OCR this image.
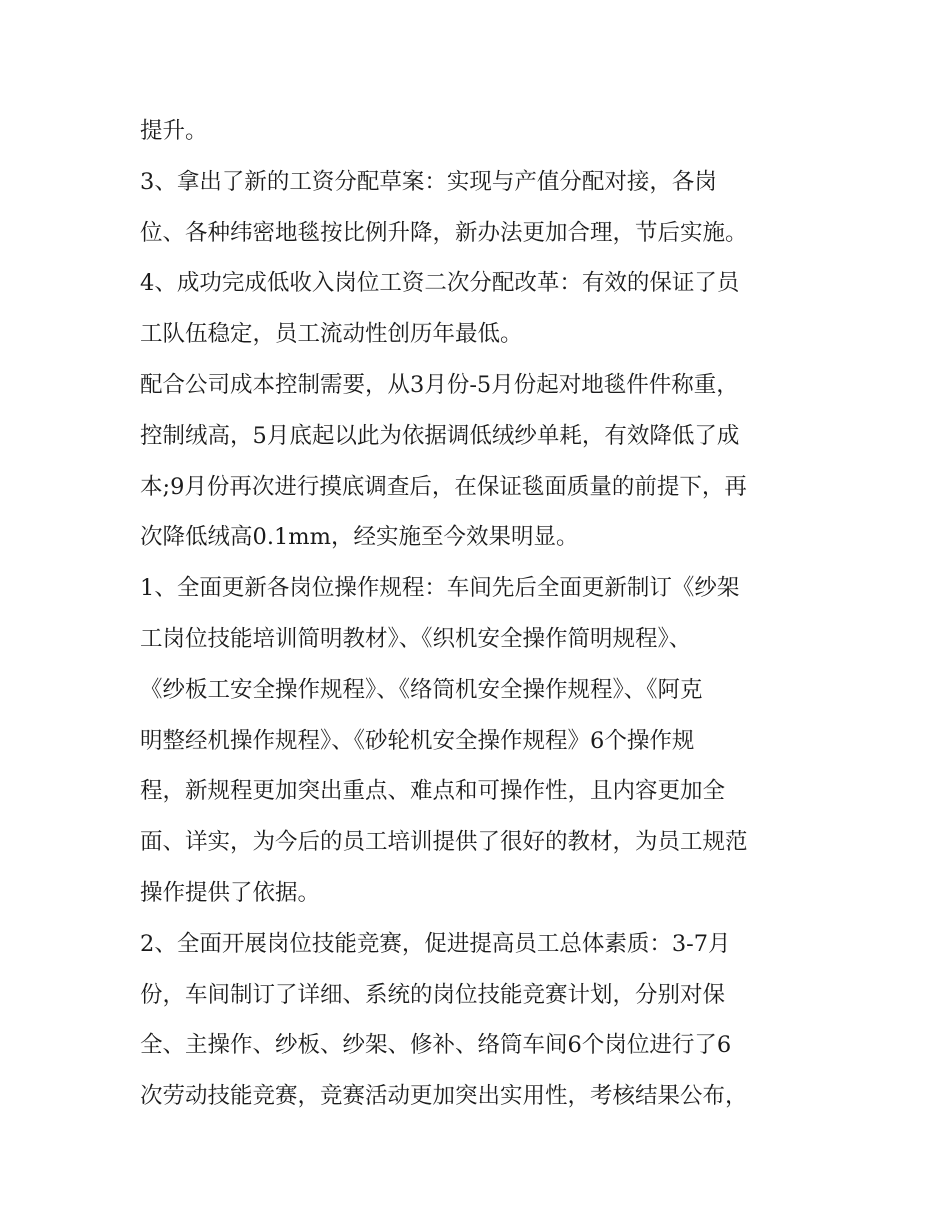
提升。
3、拿出了新的工资分配草案：实现与产值分配对接，各岗
位、各种纬密地毯按比例升降，新办法更加合理，节后实施。
4、成功完成低收入岗位工资二次分配改革：有效的保证了员
工队伍稳定，员工流动性创历年最低。
配合公司成本控制需要，从3月份-5月份起对地毯件件称重，
控制绒高，5月底起以此为依据调低绒纱单耗，有效降低了成
本;9月份再次进行摸底调查后，在保证毯面质量的前提下，再
次降低绒高0.1mm，经实施至今效果明显。
1、全面更新各岗位操作规程：车间先后全面更新制订《纱架
工岗位技能培训简明教材》、《织机安全操作简明规程》、
《纱板工安全操作规程》、《络筒机安全操作规程》、《阿克
明整经机操作规程》、《砂轮机安全操作规程》6个操作规
程，新规程更加突出重点、难点和可操作性，且内容更加全
面、详实，为今后的员工培训提供了很好的教材，为员工规范
操作提供了依据。
2、全面开展岗位技能竞赛，促进提高员工总体素质：3-7月
份，车间制订了详细、系统的岗位技能竞赛计划，分别对保
全、主操作、纱板、纱架、修补、络筒车间6个岗位进行了6
次劳动技能竞赛，竞赛活动更加突出实用性，考核结果公布，
